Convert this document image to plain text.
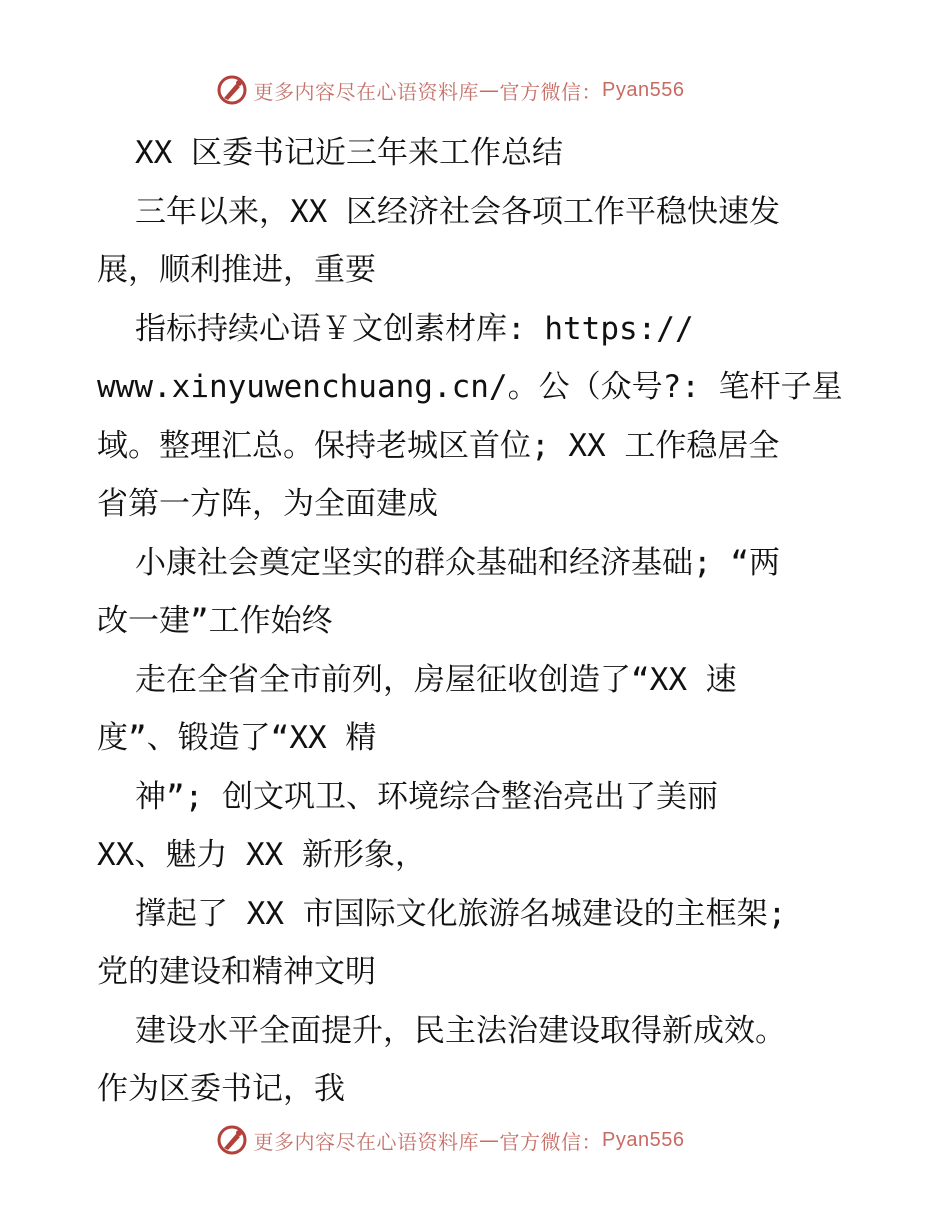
更多内容尽在心语资料库 — 官方微信： Pyan556
XX 区委书记近三年来工作总结
三年以来，XX 区经济社会各项工作平稳快速发
展，顺利推进，重要
指标持续心语￥文创素材库: https://
www.xinyuwenchuang.cn/。公（众号?: 笔杆子星
域。整理汇总。保持老城区首位; XX 工作稳居全
省第一方阵，为全面建成
小康社会奠定坚实的群众基础和经济基础; “两
改一建”工作始终
走在全省全市前列，房屋征收创造了“XX 速
度”、锻造了“XX 精
神”; 创文巩卫、环境综合整治亮出了美丽
XX、魅力 XX 新形象，
撑起了 XX 市国际文化旅游名城建设的主框架;
党的建设和精神文明
建设水平全面提升，民主法治建设取得新成效。
作为区委书记，我
更多内容尽在心语资料库 — 官方微信： Pyan556
